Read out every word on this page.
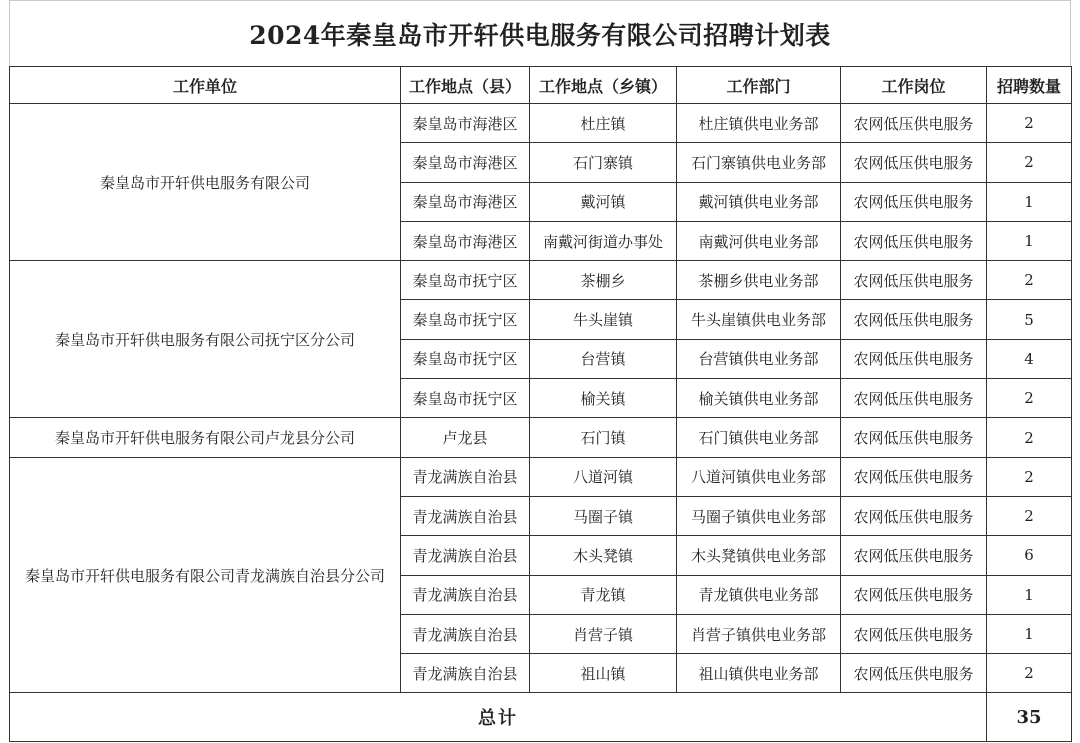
2024年秦皇岛市开轩供电服务有限公司招聘计划表
工作单位	工作地点（县）	工作地点（乡镇）	工作部门	工作岗位	招聘数量
秦皇岛市开轩供电服务有限公司	秦皇岛市海港区	杜庄镇	杜庄镇供电业务部	农网低压供电服务	2
	秦皇岛市海港区	石门寨镇	石门寨镇供电业务部	农网低压供电服务	2
	秦皇岛市海港区	戴河镇	戴河镇供电业务部	农网低压供电服务	1
	秦皇岛市海港区	南戴河街道办事处	南戴河供电业务部	农网低压供电服务	1
秦皇岛市开轩供电服务有限公司抚宁区分公司	秦皇岛市抚宁区	茶棚乡	茶棚乡供电业务部	农网低压供电服务	2
	秦皇岛市抚宁区	牛头崖镇	牛头崖镇供电业务部	农网低压供电服务	5
	秦皇岛市抚宁区	台营镇	台营镇供电业务部	农网低压供电服务	4
	秦皇岛市抚宁区	榆关镇	榆关镇供电业务部	农网低压供电服务	2
秦皇岛市开轩供电服务有限公司卢龙县分公司	卢龙县	石门镇	石门镇供电业务部	农网低压供电服务	2
秦皇岛市开轩供电服务有限公司青龙满族自治县分公司	青龙满族自治县	八道河镇	八道河镇供电业务部	农网低压供电服务	2
	青龙满族自治县	马圈子镇	马圈子镇供电业务部	农网低压供电服务	2
	青龙满族自治县	木头凳镇	木头凳镇供电业务部	农网低压供电服务	6
	青龙满族自治县	青龙镇	青龙镇供电业务部	农网低压供电服务	1
	青龙满族自治县	肖营子镇	肖营子镇供电业务部	农网低压供电服务	1
	青龙满族自治县	祖山镇	祖山镇供电业务部	农网低压供电服务	2
总计					35
